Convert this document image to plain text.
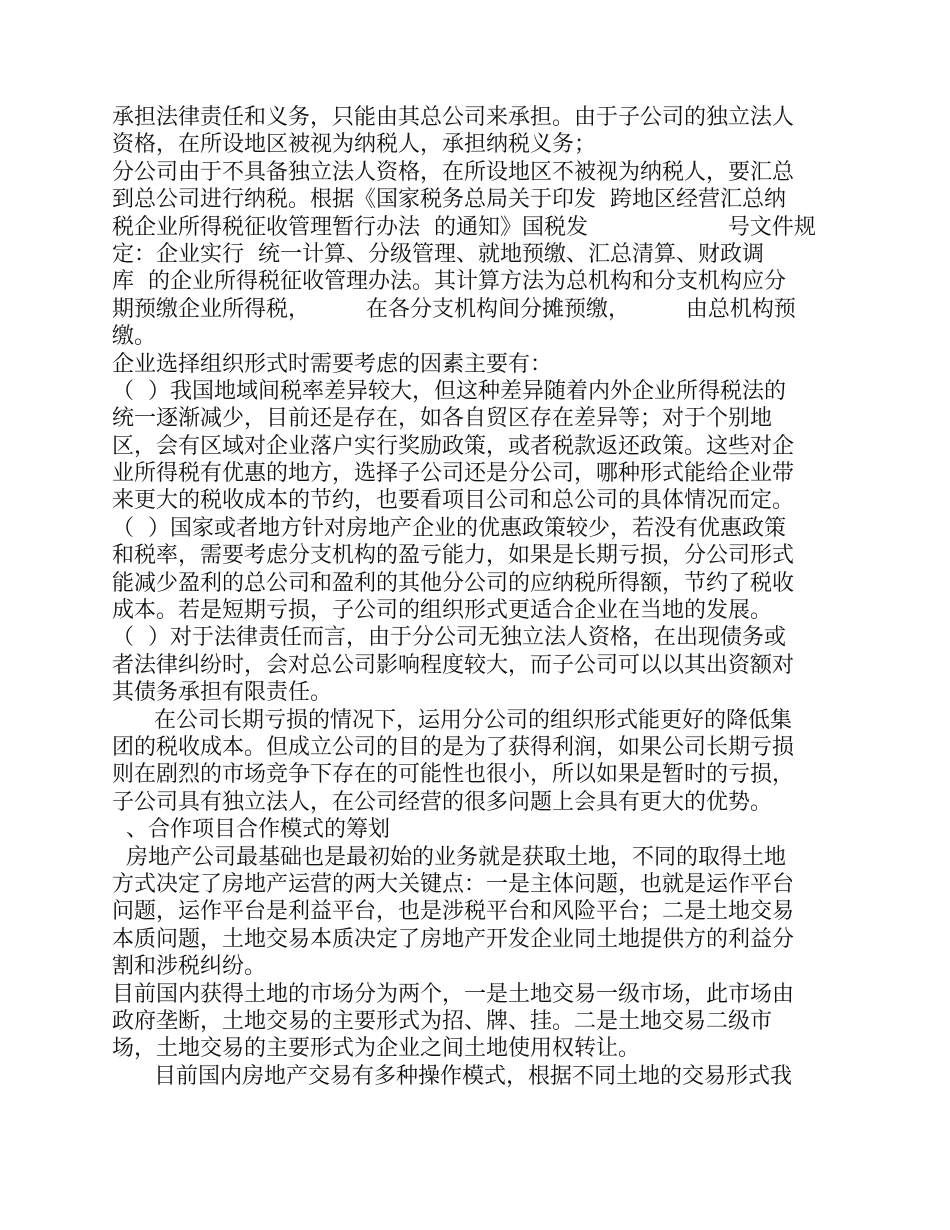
承担法律责任和义务，只能由其总公司来承担。由于子公司的独立法人
资格，在所设地区被视为纳税人，承担纳税义务；
分公司由于不具备独立法人资格，在所设地区不被视为纳税人，要汇总
到总公司进行纳税。根据《国家税务总局关于印发  跨地区经营汇总纳
税企业所得税征收管理暂行办法  的通知》国税发                    号文件规
定：企业实行  统一计算、分级管理、就地预缴、汇总清算、财政调
库  的企业所得税征收管理办法。其计算方法为总机构和分支机构应分
期预缴企业所得税，        在各分支机构间分摊预缴，        由总机构预
缴。
企业选择组织形式时需要考虑的因素主要有：
（  ）我国地域间税率差异较大，但这种差异随着内外企业所得税法的
统一逐渐减少，目前还是存在，如各自贸区存在差异等；对于个别地
区，会有区域对企业落户实行奖励政策，或者税款返还政策。这些对企
业所得税有优惠的地方，选择子公司还是分公司，哪种形式能给企业带
来更大的税收成本的节约，也要看项目公司和总公司的具体情况而定。
（  ）国家或者地方针对房地产企业的优惠政策较少，若没有优惠政策
和税率，需要考虑分支机构的盈亏能力，如果是长期亏损，分公司形式
能减少盈利的总公司和盈利的其他分公司的应纳税所得额，节约了税收
成本。若是短期亏损，子公司的组织形式更适合企业在当地的发展。
（  ）对于法律责任而言，由于分公司无独立法人资格，在出现债务或
者法律纠纷时，会对总公司影响程度较大，而子公司可以以其出资额对
其债务承担有限责任。
在公司长期亏损的情况下，运用分公司的组织形式能更好的降低集
团的税收成本。但成立公司的目的是为了获得利润，如果公司长期亏损
则在剧烈的市场竞争下存在的可能性也很小，所以如果是暂时的亏损，
子公司具有独立法人，在公司经营的很多问题上会具有更大的优势。
、合作项目合作模式的筹划
房地产公司最基础也是最初始的业务就是获取土地，不同的取得土地
方式决定了房地产运营的两大关键点：一是主体问题，也就是运作平台
问题，运作平台是利益平台，也是涉税平台和风险平台；二是土地交易
本质问题，土地交易本质决定了房地产开发企业同土地提供方的利益分
割和涉税纠纷。
目前国内获得土地的市场分为两个，一是土地交易一级市场，此市场由
政府垄断，土地交易的主要形式为招、牌、挂。二是土地交易二级市
场，土地交易的主要形式为企业之间土地使用权转让。
目前国内房地产交易有多种操作模式，根据不同土地的交易形式我
